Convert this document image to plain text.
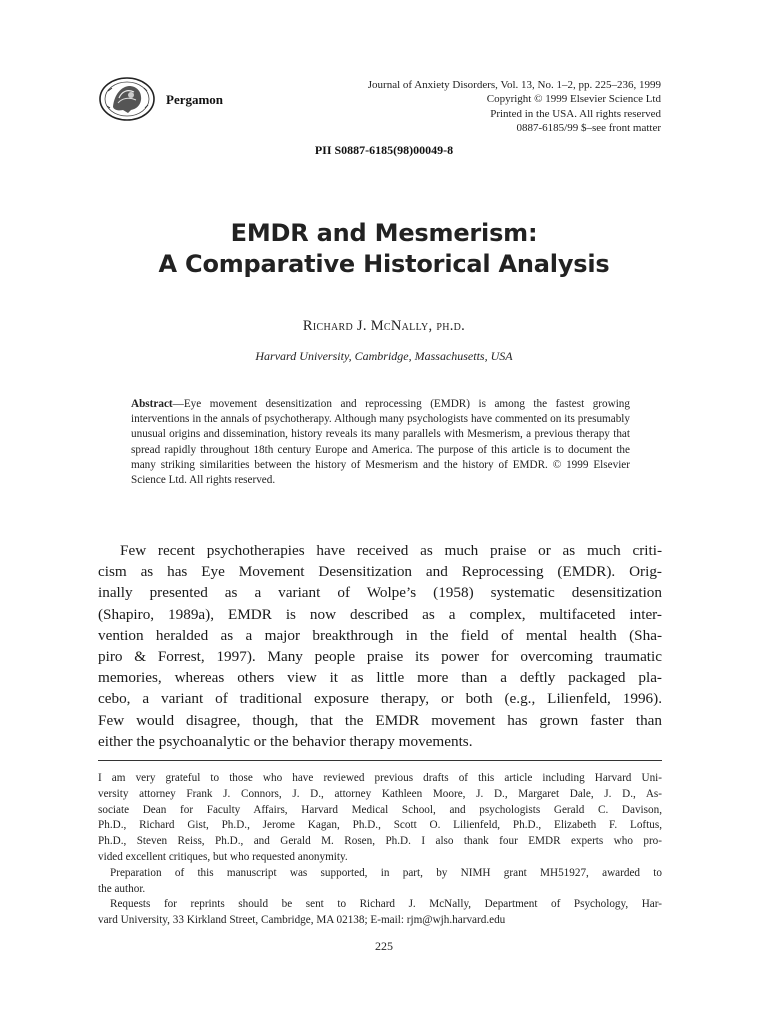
Pergamon
Journal of Anxiety Disorders, Vol. 13, No. 1–2, pp. 225–236, 1999
Copyright © 1999 Elsevier Science Ltd
Printed in the USA. All rights reserved
0887-6185/99 $–see front matter
PII S0887-6185(98)00049-8
EMDR and Mesmerism:
A Comparative Historical Analysis
Richard J. McNally, ph.d.
Harvard University, Cambridge, Massachusetts, USA
Abstract—Eye movement desensitization and reprocessing (EMDR) is among the fastest growing interventions in the annals of psychotherapy. Although many psychologists have commented on its presumably unusual origins and dissemination, history reveals its many parallels with Mesmerism, a previous therapy that spread rapidly throughout 18th century Europe and America. The purpose of this article is to document the many striking similarities between the history of Mesmerism and the history of EMDR. © 1999 Elsevier Science Ltd. All rights reserved.
Few recent psychotherapies have received as much praise or as much criti-
cism as has Eye Movement Desensitization and Reprocessing (EMDR). Orig-
inally presented as a variant of Wolpe’s (1958) systematic desensitization
(Shapiro, 1989a), EMDR is now described as a complex, multifaceted inter-
vention heralded as a major breakthrough in the field of mental health (Sha-
piro & Forrest, 1997). Many people praise its power for overcoming traumatic
memories, whereas others view it as little more than a deftly packaged pla-
cebo, a variant of traditional exposure therapy, or both (e.g., Lilienfeld, 1996).
Few would disagree, though, that the EMDR movement has grown faster than
either the psychoanalytic or the behavior therapy movements.
I am very grateful to those who have reviewed previous drafts of this article including Harvard Uni-
versity attorney Frank J. Connors, J. D., attorney Kathleen Moore, J. D., Margaret Dale, J. D., As-
sociate Dean for Faculty Affairs, Harvard Medical School, and psychologists Gerald C. Davison,
Ph.D., Richard Gist, Ph.D., Jerome Kagan, Ph.D., Scott O. Lilienfeld, Ph.D., Elizabeth F. Loftus,
Ph.D., Steven Reiss, Ph.D., and Gerald M. Rosen, Ph.D. I also thank four EMDR experts who pro-
vided excellent critiques, but who requested anonymity.
Preparation of this manuscript was supported, in part, by NIMH grant MH51927, awarded to
the author.
Requests for reprints should be sent to Richard J. McNally, Department of Psychology, Har-
vard University, 33 Kirkland Street, Cambridge, MA 02138; E-mail: rjm@wjh.harvard.edu
225
